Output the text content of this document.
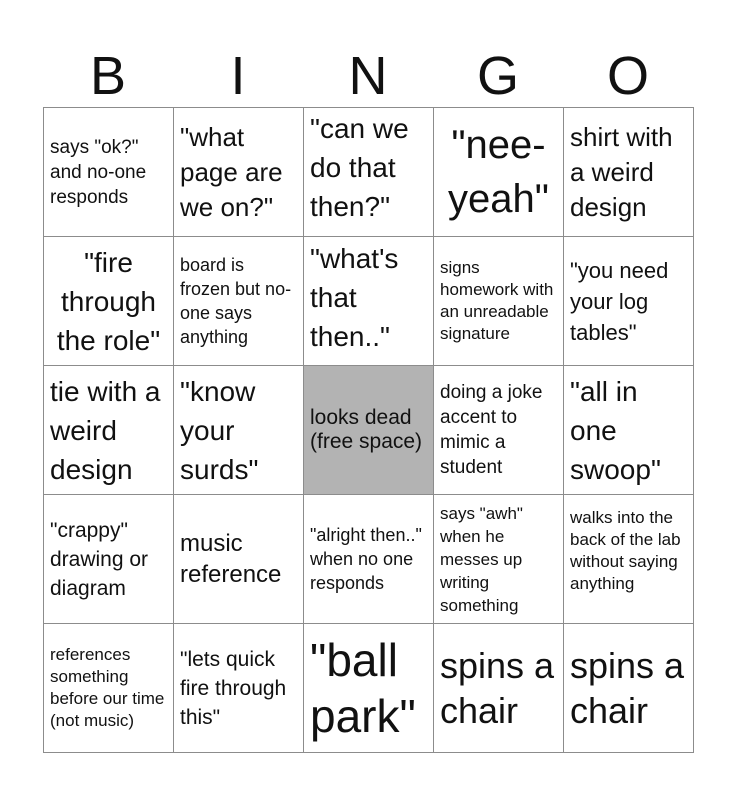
B	I	N	G	O
says "ok?" and no-one responds	"what page are we on?"	"can we do that then?"	"nee-yeah"	shirt with a weird design

"fire through the role"	board is frozen but no-one says anything	"what's that then.."	signs homework with an unreadable signature	"you need your log tables"

tie with a weird design	"know your surds"	looks dead (free space)	doing a joke accent to mimic a student	"all in one swoop"

"crappy" drawing or diagram	music reference	"alright then.." when no one responds	says "awh" when he messes up writing something	walks into the back of the lab without saying anything

references something before our time (not music)	"lets quick fire through this"	"ball park"	spins a chair	spins a chair
